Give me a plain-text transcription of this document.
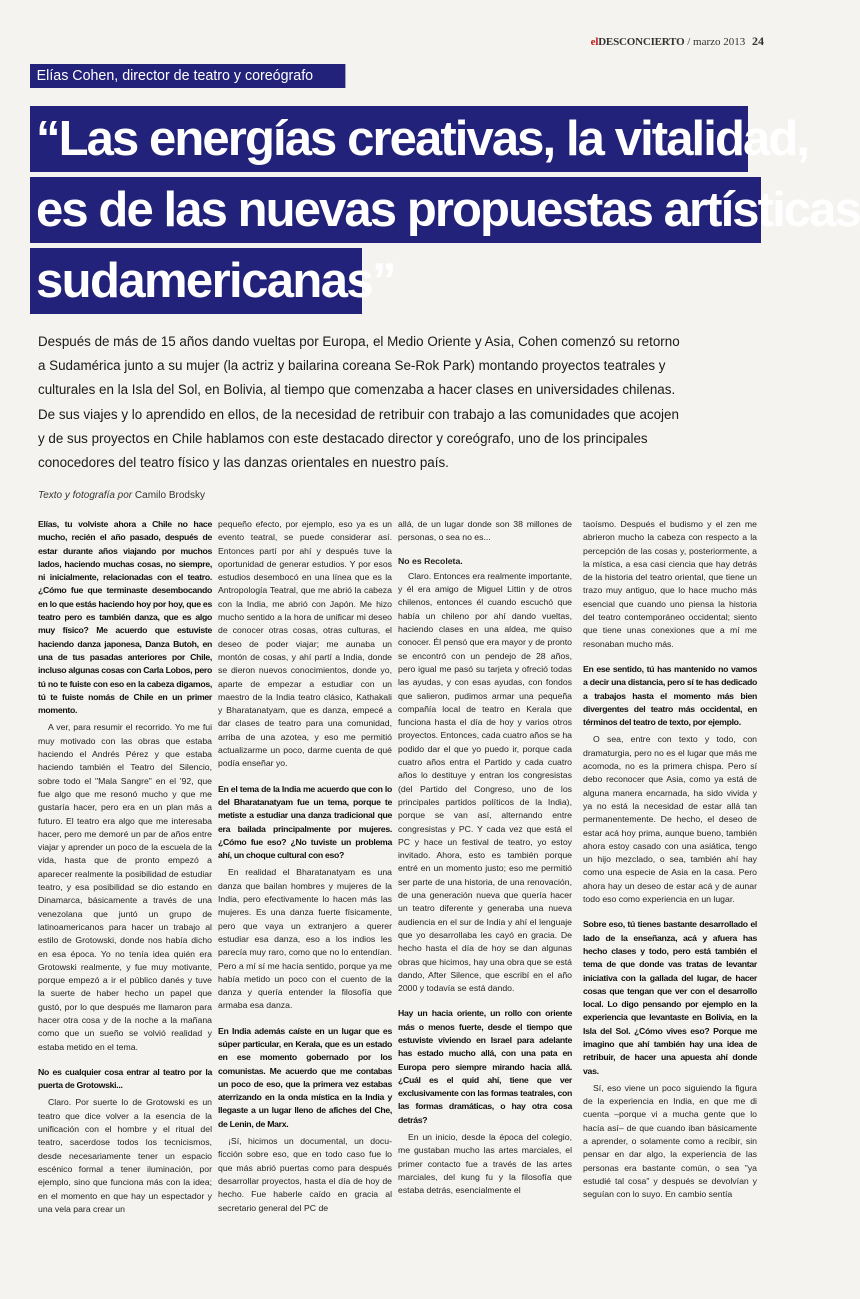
elDESCONCIERTO / marzo 2013 24
Elías Cohen, director de teatro y coreógrafo
“Las energías creativas, la vitalidad,
es de las nuevas propuestas artísticas
sudamericanas”

Después de más de 15 años dando vueltas por Europa, el Medio Oriente y Asia, Cohen comenzó su retorno

a Sudamérica junto a su mujer (la actriz y bailarina coreana Se-Rok Park) montando proyectos teatrales y

culturales en la Isla del Sol, en Bolivia, al tiempo que comenzaba a hacer clases en universidades chilenas.

De sus viajes y lo aprendido en ellos, de la necesidad de retribuir con trabajo a las comunidades que acojen

y de sus proyectos en Chile hablamos con este destacado director y coreógrafo, uno de los principales

conocedores del teatro físico y las danzas orientales en nuestro país.

Texto y fotografía por Camilo Brodsky

Elías, tu volviste ahora a Chile no hace mucho, recién el año pasado, después de estar durante años viajando por muchos lados, haciendo muchas cosas, no siempre, ni inicialmente, relacionadas con el teatro. ¿Cómo fue que terminaste desembocando en lo que estás haciendo hoy por hoy, que es teatro pero es también danza, que es algo muy físico? Me acuerdo que estuviste haciendo danza japonesa, Danza Butoh, en una de tus pasadas anteriores por Chile, incluso algunas cosas con Carla Lobos, pero tú no te fuiste con eso en la cabeza digamos, tú te fuiste nomás de Chile en un primer momento.

A ver, para resumir el recorrido. Yo me fui muy motivado con las obras que estaba haciendo el Andrés Pérez y que estaba haciendo también el Teatro del Silencio, sobre todo el "Mala Sangre" en el '92, que fue algo que me resonó mucho y que me gustaría hacer, pero era en un plan más a futuro. El teatro era algo que me interesaba hacer, pero me demoré un par de años entre viajar y aprender un poco de la escuela de la vida, hasta que de pronto empezó a aparecer realmente la posibilidad de estudiar teatro, y esa posibilidad se dio estando en Dinamarca, básicamente a través de una venezolana que juntó un grupo de latinoamericanos para hacer un trabajo al estilo de Grotowski, donde nos había dicho en esa época. Yo no tenía idea quién era Grotowski realmente, y fue muy motivante, porque empezó a ir el público danés y tuve la suerte de haber hecho un papel que gustó, por lo que después me llamaron para hacer otra cosa y de la noche a la mañana como que un sueño se volvió realidad y estaba metido en el tema.

No es cualquier cosa entrar al teatro por la puerta de Grotowski...

Claro. Por suerte lo de Grotowski es un teatro que dice volver a la esencia de la unificación con el hombre y el ritual del teatro, sacerdose todos los tecnicismos, desde necesariamente tener un espacio escénico formal a tener iluminación, por ejemplo, sino que funciona más con la idea; en el momento en que hay un espectador y una vela para crear un

pequeño efecto, por ejemplo, eso ya es un evento teatral, se puede considerar así. Entonces partí por ahí y después tuve la oportunidad de generar estudios. Y por esos estudios desembocó en una línea que es la Antropología Teatral, que me abrió la cabeza con la India, me abrió con Japón. Me hizo mucho sentido a la hora de unificar mi deseo de conocer otras cosas, otras culturas, el deseo de poder viajar; me aunaba un montón de cosas, y ahí partí a India, donde se dieron nuevos conocimientos, donde yo, aparte de empezar a estudiar con un maestro de la India teatro clásico, Kathakali y Bharatanatyam, que es danza, empecé a dar clases de teatro para una comunidad, arriba de una azotea, y eso me permitió actualizarme un poco, darme cuenta de qué podía enseñar yo.

En el tema de la India me acuerdo que con lo del Bharatanatyam fue un tema, porque te metiste a estudiar una danza tradicional que era bailada principalmente por mujeres. ¿Cómo fue eso? ¿No tuviste un problema ahí, un choque cultural con eso?

En realidad el Bharatanatyam es una danza que bailan hombres y mujeres de la India, pero efectivamente lo hacen más las mujeres. Es una danza fuerte físicamente, pero que vaya un extranjero a querer estudiar esa danza, eso a los indios les parecía muy raro, como que no lo entendían. Pero a mí sí me hacía sentido, porque ya me había metido un poco con el cuento de la danza y quería entender la filosofía que armaba esa danza.

En India además caíste en un lugar que es súper particular, en Kerala, que es un estado en ese momento gobernado por los comunistas. Me acuerdo que me contabas un poco de eso, que la primera vez estabas aterrizando en la onda mística en la India y llegaste a un lugar lleno de afiches del Che, de Lenin, de Marx.

¡Sí, hicimos un documental, un docu-ficción sobre eso, que en todo caso fue lo que más abrió puertas como para después desarrollar proyectos, hasta el día de hoy de hecho. Fue haberle caído en gracia al secretario general del PC de

allá, de un lugar donde son 38 millones de personas, o sea no es...

No es Recoleta.

Claro. Entonces era realmente importante, y él era amigo de Miguel Littin y de otros chilenos, entonces él cuando escuchó que había un chileno por ahí dando vueltas, haciendo clases en una aldea, me quiso conocer. Él pensó que era mayor y de pronto se encontró con un pendejo de 28 años, pero igual me pasó su tarjeta y ofreció todas las ayudas, y con esas ayudas, con fondos que salieron, pudimos armar una pequeña compañía local de teatro en Kerala que funciona hasta el día de hoy y varios otros proyectos. Entonces, cada cuatro años se ha podido dar el que yo puedo ir, porque cada cuatro años entra el Partido y cada cuatro años lo destituye y entran los congresistas (del Partido del Congreso, uno de los principales partidos políticos de la India), porque se van así, alternando entre congresistas y PC. Y cada vez que está el PC y hace un festival de teatro, yo estoy invitado. Ahora, esto es también porque entré en un momento justo; eso me permitió ser parte de una historia, de una renovación, de una generación nueva que quería hacer un teatro diferente y generaba una nueva audiencia en el sur de India y ahí el lenguaje que yo desarrollaba les cayó en gracia. De hecho hasta el día de hoy se dan algunas obras que hicimos, hay una obra que se está dando, After Silence, que escribí en el año 2000 y todavía se está dando.

Hay un hacia oriente, un rollo con oriente más o menos fuerte, desde el tiempo que estuviste viviendo en Israel para adelante has estado mucho allá, con una pata en Europa pero siempre mirando hacia allá. ¿Cuál es el quid ahí, tiene que ver exclusivamente con las formas teatrales, con las formas dramáticas, o hay otra cosa detrás?

En un inicio, desde la época del colegio, me gustaban mucho las artes marciales, el primer contacto fue a través de las artes marciales, del kung fu y la filosofía que estaba detrás, esencialmente el

taoísmo. Después el budismo y el zen me abrieron mucho la cabeza con respecto a la percepción de las cosas y, posteriormente, a la mística, a esa casi ciencia que hay detrás de la historia del teatro oriental, que tiene un trazo muy antiguo, que lo hace mucho más esencial que cuando uno piensa la historia del teatro contemporáneo occidental; siento que tiene unas conexiones que a mí me resonaban mucho más.

En ese sentido, tú has mantenido no vamos a decir una distancia, pero sí te has dedicado a trabajos hasta el momento más bien divergentes del teatro más occidental, en términos del teatro de texto, por ejemplo.

O sea, entre con texto y todo, con dramaturgia, pero no es el lugar que más me acomoda, no es la primera chispa. Pero sí debo reconocer que Asia, como ya está de alguna manera encarnada, ha sido vivida y ya no está la necesidad de estar allá tan permanentemente. De hecho, el deseo de estar acá hoy prima, aunque bueno, también ahora estoy casado con una asiática, tengo un hijo mezclado, o sea, también ahí hay como una especie de Asia en la casa. Pero ahora hay un deseo de estar acá y de aunar todo eso como experiencia en un lugar.

Sobre eso, tú tienes bastante desarrollado el lado de la enseñanza, acá y afuera has hecho clases y todo, pero está también el tema de que donde vas tratas de levantar iniciativa con la gallada del lugar, de hacer cosas que tengan que ver con el desarrollo local. Lo digo pensando por ejemplo en la experiencia que levantaste en Bolivia, en la Isla del Sol. ¿Cómo vives eso? Porque me imagino que ahí también hay una idea de retribuir, de hacer una apuesta ahí donde vas.

Sí, eso viene un poco siguiendo la figura de la experiencia en India, en que me di cuenta –porque vi a mucha gente que lo hacía así– de que cuando iban básicamente a aprender, o solamente como a recibir, sin pensar en dar algo, la experiencia de las personas era bastante común, o sea "ya estudié tal cosa" y después se devolvían y seguían con lo suyo. En cambio sentía
